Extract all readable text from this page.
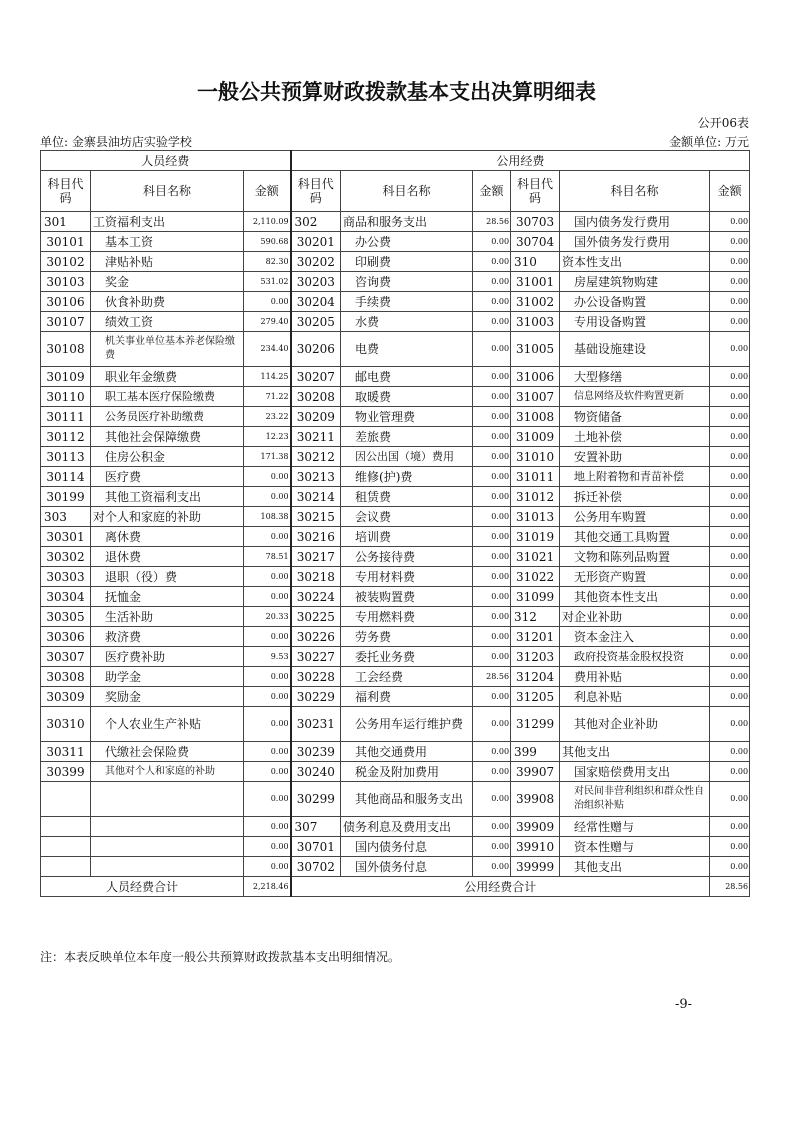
一般公共预算财政拨款基本支出决算明细表
公开06表
单位: 金寨县油坊店实验学校	金额单位: 万元
人员经费			公用经费					
科目代码	科目名称	金额	科目代码	科目名称	金额	科目代码	科目名称	金额
301	工资福利支出	2,110.09	302	商品和服务支出	28.56	30703	国内债务发行费用	0.00
30101	基本工资	590.68	30201	办公费	0.00	30704	国外债务发行费用	0.00
30102	津贴补贴	82.30	30202	印刷费	0.00	310	资本性支出	0.00
30103	奖金	531.02	30203	咨询费	0.00	31001	房屋建筑物购建	0.00
30106	伙食补助费	0.00	30204	手续费	0.00	31002	办公设备购置	0.00
30107	绩效工资	279.40	30205	水费	0.00	31003	专用设备购置	0.00
30108	机关事业单位基本养老保险缴费	234.40	30206	电费	0.00	31005	基础设施建设	0.00
30109	职业年金缴费	114.25	30207	邮电费	0.00	31006	大型修缮	0.00
30110	职工基本医疗保险缴费	71.22	30208	取暖费	0.00	31007	信息网络及软件购置更新	0.00
30111	公务员医疗补助缴费	23.22	30209	物业管理费	0.00	31008	物资储备	0.00
30112	其他社会保障缴费	12.23	30211	差旅费	0.00	31009	土地补偿	0.00
30113	住房公积金	171.38	30212	因公出国（境）费用	0.00	31010	安置补助	0.00
30114	医疗费	0.00	30213	维修(护)费	0.00	31011	地上附着物和青苗补偿	0.00
30199	其他工资福利支出	0.00	30214	租赁费	0.00	31012	拆迁补偿	0.00
303	对个人和家庭的补助	108.38	30215	会议费	0.00	31013	公务用车购置	0.00
30301	离休费	0.00	30216	培训费	0.00	31019	其他交通工具购置	0.00
30302	退休费	78.51	30217	公务接待费	0.00	31021	文物和陈列品购置	0.00
30303	退职（役）费	0.00	30218	专用材料费	0.00	31022	无形资产购置	0.00
30304	抚恤金	0.00	30224	被装购置费	0.00	31099	其他资本性支出	0.00
30305	生活补助	20.33	30225	专用燃料费	0.00	312	对企业补助	0.00
30306	救济费	0.00	30226	劳务费	0.00	31201	资本金注入	0.00
30307	医疗费补助	9.53	30227	委托业务费	0.00	31203	政府投资基金股权投资	0.00
30308	助学金	0.00	30228	工会经费	28.56	31204	费用补贴	0.00
30309	奖励金	0.00	30229	福利费	0.00	31205	利息补贴	0.00
30310	个人农业生产补贴	0.00	30231	公务用车运行维护费	0.00	31299	其他对企业补助	0.00
30311	代缴社会保险费	0.00	30239	其他交通费用	0.00	399	其他支出	0.00
30399	其他对个人和家庭的补助	0.00	30240	税金及附加费用	0.00	39907	国家赔偿费用支出	0.00
		0.00	30299	其他商品和服务支出	0.00	39908	对民间非营利组织和群众性自治组织补贴	0.00
		0.00	307	债务利息及费用支出	0.00	39909	经常性赠与	0.00
		0.00	30701	国内债务付息	0.00	39910	资本性赠与	0.00
		0.00	30702	国外债务付息	0.00	39999	其他支出	0.00
人员经费合计		2,218.46	公用经费合计					28.56
注：本表反映单位本年度一般公共预算财政拨款基本支出明细情况。
-9-
